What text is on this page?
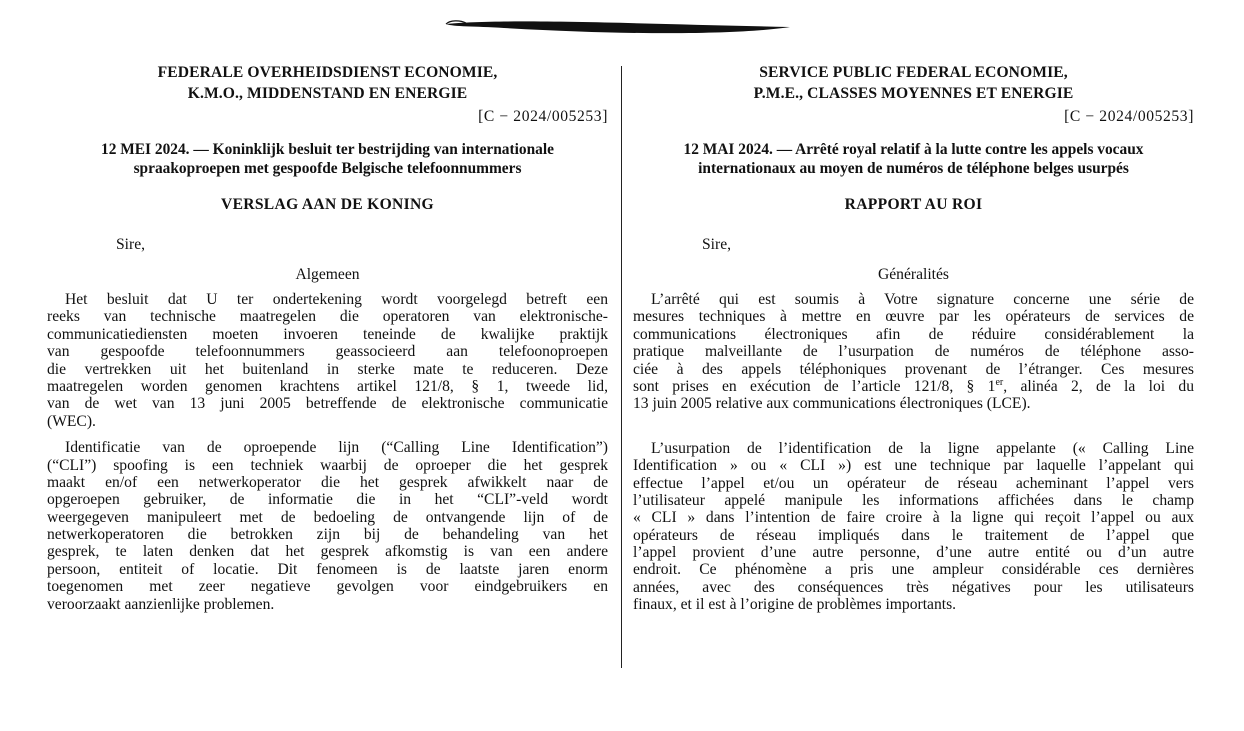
FEDERALE OVERHEIDSDIENST ECONOMIE,
K.M.O., MIDDENSTAND EN ENERGIE
[C − 2024/005253]
12 MEI 2024. — Koninklijk besluit ter bestrijding van internationale
spraakoproepen met gespoofde Belgische telefoonnummers
VERSLAG AAN DE KONING
Sire,
Algemeen
Het besluit dat U ter ondertekening wordt voorgelegd betreft een
reeks van technische maatregelen die operatoren van elektronische-
communicatiediensten moeten invoeren teneinde de kwalijke praktijk
van gespoofde telefoonnummers geassocieerd aan telefoonoproepen
die vertrekken uit het buitenland in sterke mate te reduceren. Deze
maatregelen worden genomen krachtens artikel 121/8, § 1, tweede lid,
van de wet van 13 juni 2005 betreffende de elektronische communicatie
(WEC).
Identificatie van de oproepende lijn (“Calling Line Identification”)
(“CLI”) spoofing is een techniek waarbij de oproeper die het gesprek
maakt en/of een netwerkoperator die het gesprek afwikkelt naar de
opgeroepen gebruiker, de informatie die in het “CLI”-veld wordt
weergegeven manipuleert met de bedoeling de ontvangende lijn of de
netwerkoperatoren die betrokken zijn bij de behandeling van het
gesprek, te laten denken dat het gesprek afkomstig is van een andere
persoon, entiteit of locatie. Dit fenomeen is de laatste jaren enorm
toegenomen met zeer negatieve gevolgen voor eindgebruikers en
veroorzaakt aanzienlijke problemen.
SERVICE PUBLIC FEDERAL ECONOMIE,
P.M.E., CLASSES MOYENNES ET ENERGIE
[C − 2024/005253]
12 MAI 2024. — Arrêté royal relatif à la lutte contre les appels vocaux
internationaux au moyen de numéros de téléphone belges usurpés
RAPPORT AU ROI
Sire,
Généralités
L’arrêté qui est soumis à Votre signature concerne une série de
mesures techniques à mettre en œuvre par les opérateurs de services de
communications électroniques afin de réduire considérablement la
pratique malveillante de l’usurpation de numéros de téléphone asso-
ciée à des appels téléphoniques provenant de l’étranger. Ces mesures
sont prises en exécution de l’article 121/8, § 1er, alinéa 2, de la loi du
13 juin 2005 relative aux communications électroniques (LCE).
L’usurpation de l’identification de la ligne appelante (« Calling Line
Identification » ou « CLI ») est une technique par laquelle l’appelant qui
effectue l’appel et/ou un opérateur de réseau acheminant l’appel vers
l’utilisateur appelé manipule les informations affichées dans le champ
« CLI » dans l’intention de faire croire à la ligne qui reçoit l’appel ou aux
opérateurs de réseau impliqués dans le traitement de l’appel que
l’appel provient d’une autre personne, d’une autre entité ou d’un autre
endroit. Ce phénomène a pris une ampleur considérable ces dernières
années, avec des conséquences très négatives pour les utilisateurs
finaux, et il est à l’origine de problèmes importants.
